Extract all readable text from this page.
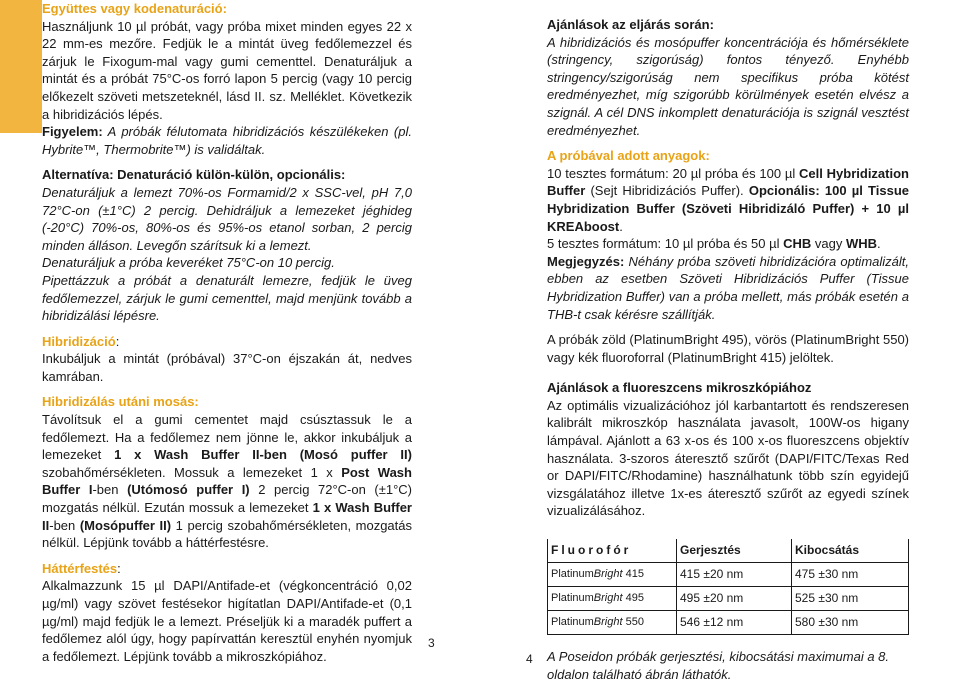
Együttes vagy kodenaturáció:

Használjunk 10 µl próbát, vagy próba mixet minden egyes 22 x 22 mm-es mezőre. Fedjük le a mintát üveg fedőlemezzel és zárjuk le Fixogum-mal vagy gumi cementtel. Denaturáljuk a mintát és a próbát 75°C-os forró lapon 5 percig (vagy 10 percig előkezelt szöveti metszeteknél, lásd II. sz. Melléklet. Következik a hibridizációs lépés.

Figyelem: A próbák félutomata hibridizációs készülékeken (pl. Hybrite™, Thermobrite™) is validáltak.

Alternatíva: Denaturáció külön-külön, opcionális:

Denaturáljuk a lemezt 70%-os Formamid/2 x SSC-vel, pH 7,0 72°C-on (±1°C) 2 percig. Dehidráljuk a lemezeket jéghideg (-20°C) 70%-os, 80%-os és 95%-os etanol sorban, 2 percig minden álláson. Levegőn szárítsuk ki a lemezt.

Denaturáljuk a próba keveréket 75°C-on 10 percig.

Pipettázzuk a próbát a denaturált lemezre, fedjük le üveg fedőlemezzel, zárjuk le gumi cementtel, majd menjünk tovább a hibridizálási lépésre.

Hibridizáció:

Inkubáljuk a mintát (próbával) 37°C-on éjszakán át, nedves kamrában.

Hibridizálás utáni mosás:

Távolítsuk el a gumi cementet majd csúsztassuk le a fedőlemezt. Ha a fedőlemez nem jönne le, akkor inkubáljuk a lemezeket 1 x Wash Buffer II-ben (Mosó puffer II) szobahőmérsékleten. Mossuk a lemezeket 1 x Post Wash Buffer I-ben (Utómosó puffer I) 2 percig 72°C-on (±1°C) mozgatás nélkül. Ezután mossuk a lemezeket 1 x Wash Buffer II-ben (Mosópuffer II) 1 percig szobahőmérsékleten, mozgatás nélkül. Lépjünk tovább a háttérfestésre.

Háttérfestés:

Alkalmazzunk 15 µl DAPI/Antifade-et (végkoncentráció 0,02 µg/ml) vagy szövet festésekor higítatlan DAPI/Antifade-et (0,1 µg/ml) majd fedjük le a lemezt. Préseljük ki a maradék puffert a fedőlemez alól úgy, hogy papírvattán keresztül enyhén nyomjuk a fedőlemezt. Lépjünk tovább a mikroszkópiához.

3

Ajánlások az eljárás során:

A hibridizációs és mosópuffer koncentrációja és hőmérséklete (stringency, szigorúság) fontos tényező. Enyhébb stringency/szigorúság nem specifikus próba kötést eredményezhet, míg szigorúbb körülmények esetén elvész a szignál. A cél DNS inkomplett denaturációja is szignál vesztést eredményezhet.

A próbával adott anyagok:

10 tesztes formátum: 20 µl próba és 100 µl Cell Hybridization Buffer (Sejt Hibridizációs Puffer). Opcionális: 100 µl Tissue Hybridization Buffer (Szöveti Hibridizáló Puffer) + 10 µl KREAboost.

5 tesztes formátum: 10 µl próba és 50 µl CHB vagy WHB.

Megjegyzés: Néhány próba szöveti hibridizációra optimalizált, ebben az esetben Szöveti Hibridizációs Puffer (Tissue Hybridization Buffer) van a próba mellett, más próbák esetén a THB-t csak kérésre szállítják.

A próbák zöld (PlatinumBright 495), vörös (PlatinumBright 550) vagy kék fluoroforral (PlatinumBright 415) jelöltek.

Ajánlások a fluoreszcens mikroszkópiához

Az optimális vizualizációhoz jól karbantartott és rendszeresen kalibrált mikroszkóp használata javasolt, 100W-os higany lámpával. Ajánlott a 63 x-os és 100 x-os fluoreszcens objektív használata. 3-szoros áteresztő szűrőt (DAPI/FITC/Texas Red or DAPI/FITC/Rhodamine) használhatunk több szín egyidejű vizsgálatához illetve 1x-es áteresztő szűrőt az egyedi színek vizualizálásához.

Fluorofór	Gerjesztés	Kibocsátás
PlatinumBright 415	415 ±20 nm	475 ±30 nm
PlatinumBright 495	495 ±20 nm	525 ±30 nm
PlatinumBright 550	546 ±12 nm	580 ±30 nm

A Poseidon próbák gerjesztési, kibocsátási maximumai a 8. oldalon található ábrán láthatók.

4
